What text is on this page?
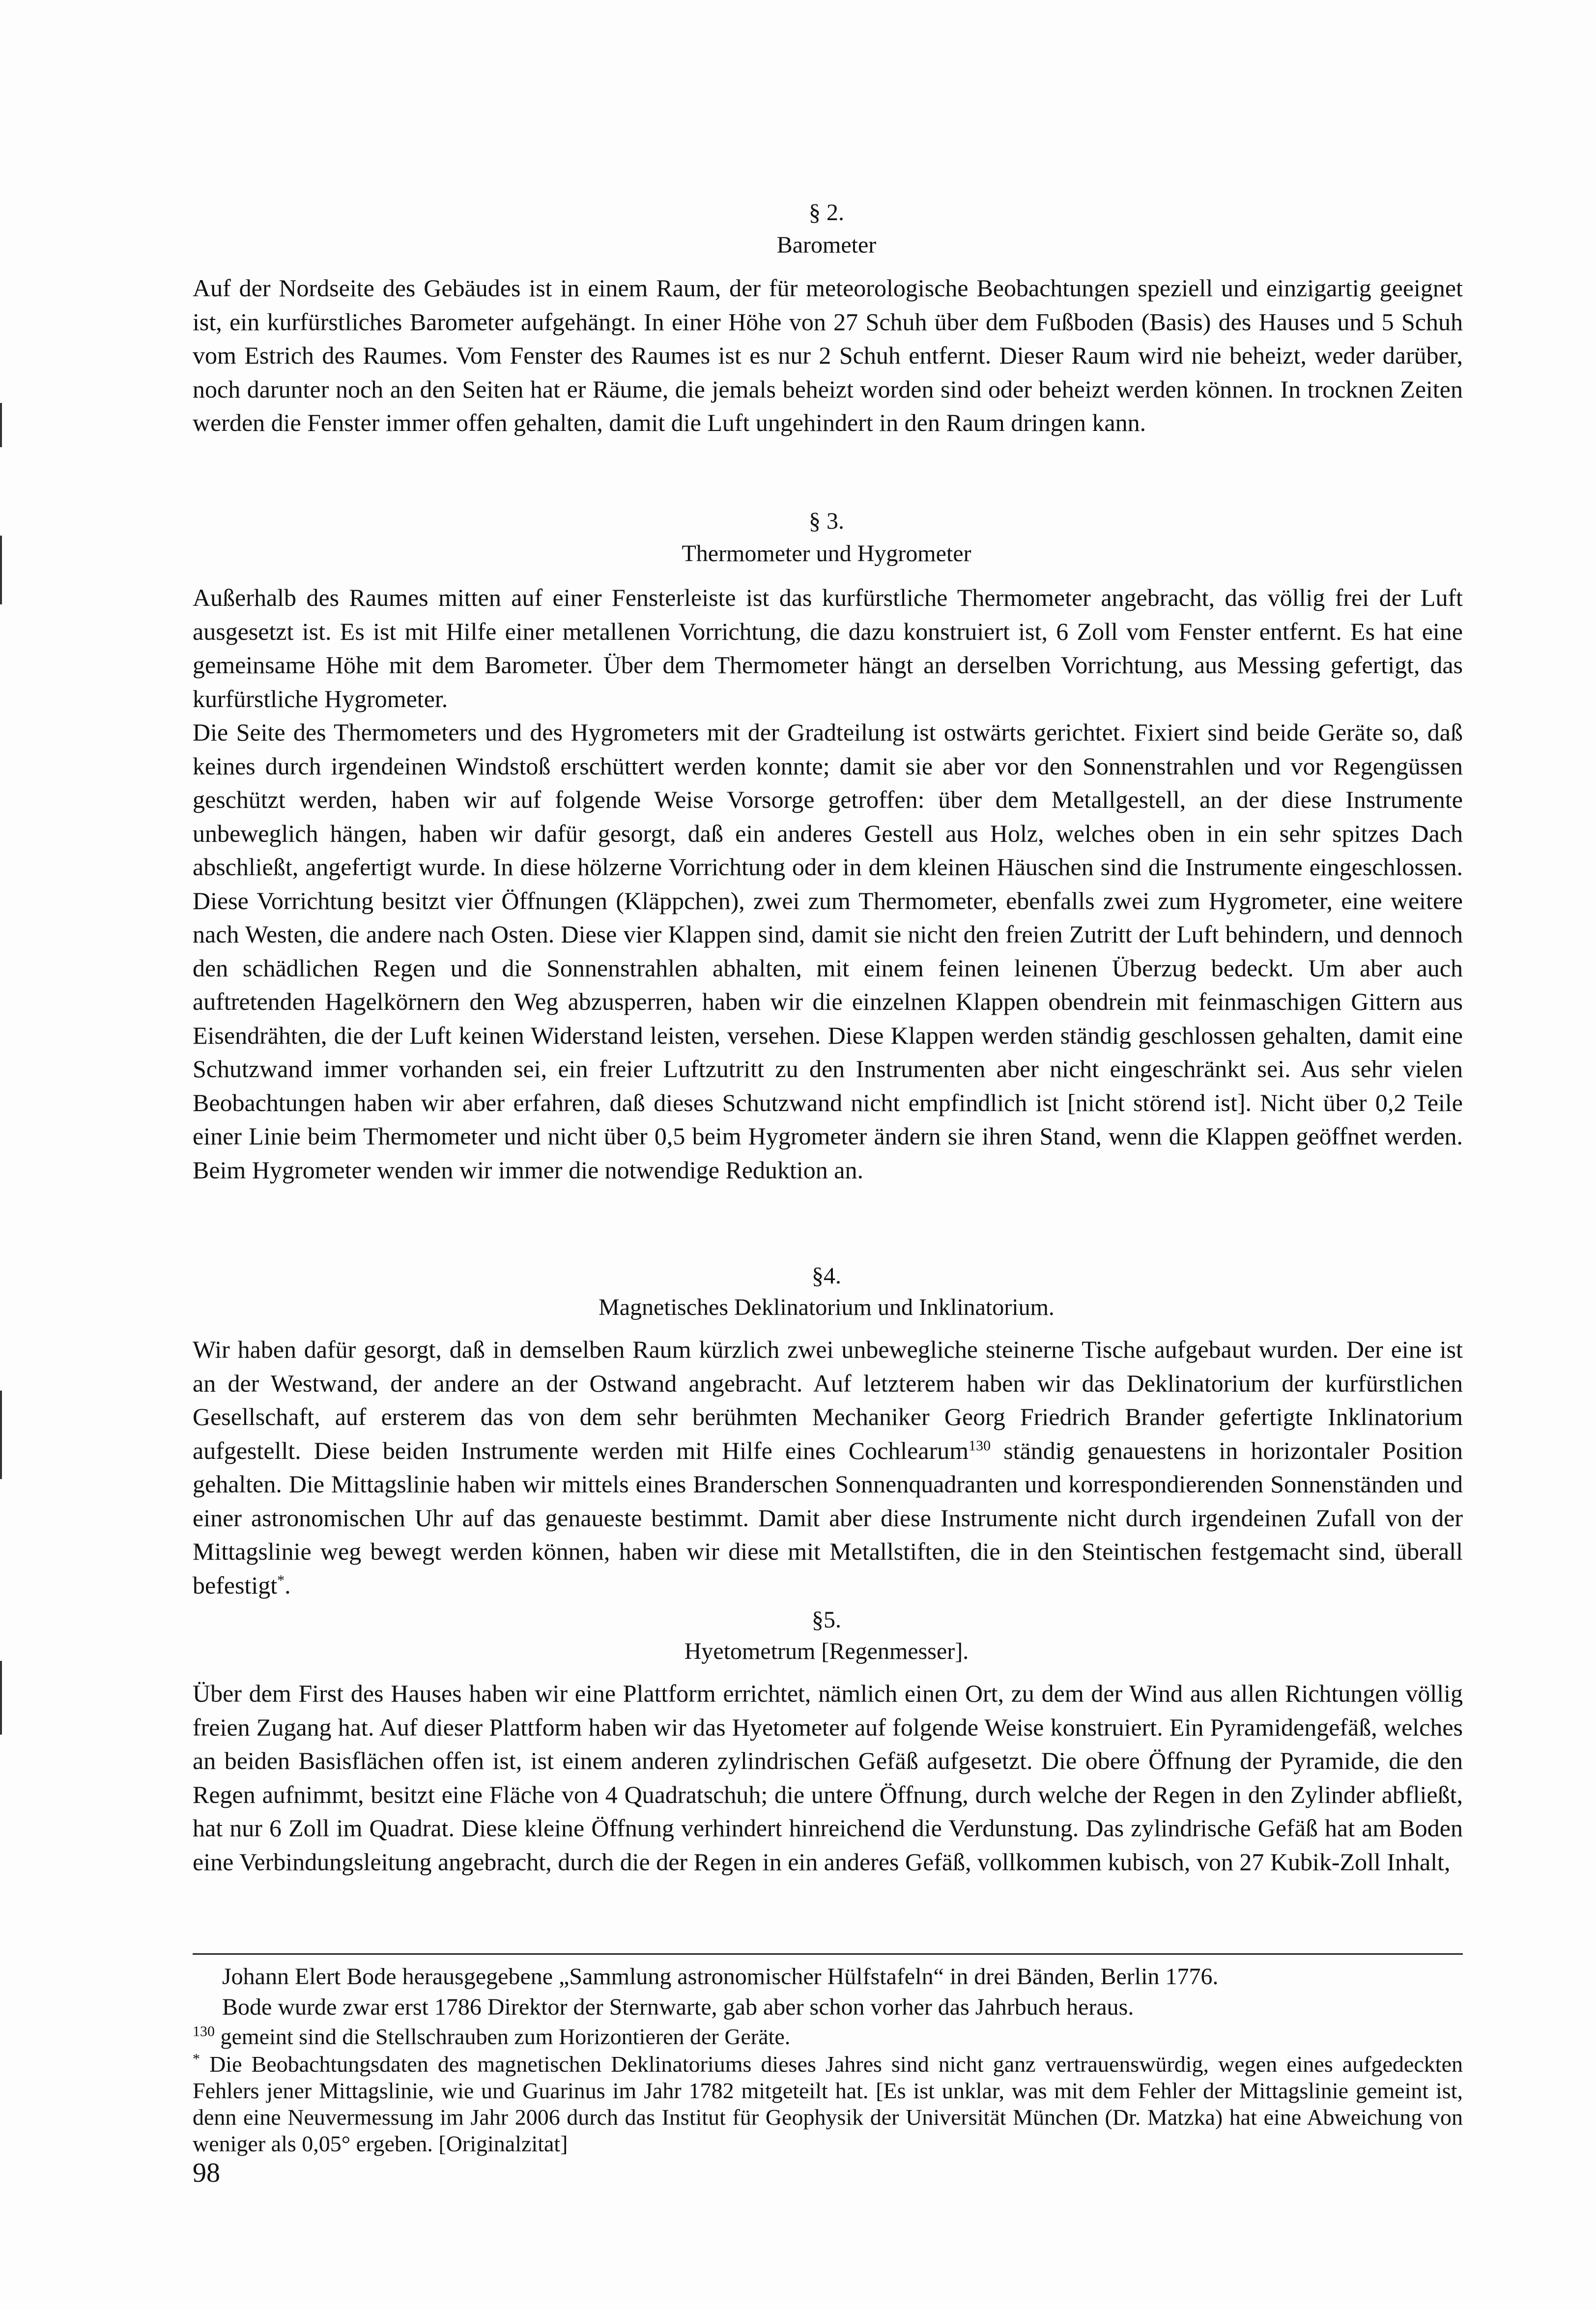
§ 2.
Barometer

Auf der Nordseite des Gebäudes ist in einem Raum, der für meteorologische Beobachtungen speziell und einzigartig geeignet ist, ein kurfürstliches Barometer aufgehängt. In einer Höhe von 27 Schuh über dem Fußboden (Basis) des Hauses und 5 Schuh vom Estrich des Raumes. Vom Fenster des Raumes ist es nur 2 Schuh entfernt. Dieser Raum wird nie beheizt, weder darüber, noch darunter noch an den Seiten hat er Räume, die jemals beheizt worden sind oder beheizt werden können. In trocknen Zeiten werden die Fenster immer offen gehalten, damit die Luft ungehindert in den Raum dringen kann.

§ 3.
Thermometer und Hygrometer

Außerhalb des Raumes mitten auf einer Fensterleiste ist das kurfürstliche Thermometer angebracht, das völlig frei der Luft ausgesetzt ist. Es ist mit Hilfe einer metallenen Vorrichtung, die dazu konstruiert ist, 6 Zoll vom Fenster entfernt. Es hat eine gemeinsame Höhe mit dem Barometer. Über dem Thermometer hängt an derselben Vorrichtung, aus Messing gefertigt, das kurfürstliche Hygrometer.

Die Seite des Thermometers und des Hygrometers mit der Gradteilung ist ostwärts gerichtet. Fixiert sind beide Geräte so, daß keines durch irgendeinen Windstoß erschüttert werden konnte; damit sie aber vor den Sonnenstrahlen und vor Regengüssen geschützt werden, haben wir auf folgende Weise Vorsorge getroffen: über dem Metallgestell, an der diese Instrumente unbeweglich hängen, haben wir dafür gesorgt, daß ein anderes Gestell aus Holz, welches oben in ein sehr spitzes Dach abschließt, angefertigt wurde. In diese hölzerne Vorrichtung oder in dem kleinen Häuschen sind die Instrumente eingeschlossen. Diese Vorrichtung besitzt vier Öffnungen (Kläppchen), zwei zum Thermometer, ebenfalls zwei zum Hygrometer, eine weitere nach Westen, die andere nach Osten. Diese vier Klappen sind, damit sie nicht den freien Zutritt der Luft behindern, und dennoch den schädlichen Regen und die Sonnenstrahlen abhalten, mit einem feinen leinenen Überzug bedeckt. Um aber auch auftretenden Hagelkörnern den Weg abzusperren, haben wir die einzelnen Klappen obendrein mit feinmaschigen Gittern aus Eisendrähten, die der Luft keinen Widerstand leisten, versehen. Diese Klappen werden ständig geschlossen gehalten, damit eine Schutzwand immer vorhanden sei, ein freier Luftzutritt zu den Instrumenten aber nicht eingeschränkt sei. Aus sehr vielen Beobachtungen haben wir aber erfahren, daß dieses Schutzwand nicht empfindlich ist [nicht störend ist]. Nicht über 0,2 Teile einer Linie beim Thermometer und nicht über 0,5 beim Hygrometer ändern sie ihren Stand, wenn die Klappen geöffnet werden. Beim Hygrometer wenden wir immer die notwendige Reduktion an.

§4.
Magnetisches Deklinatorium und Inklinatorium.

Wir haben dafür gesorgt, daß in demselben Raum kürzlich zwei unbewegliche steinerne Tische aufgebaut wurden. Der eine ist an der Westwand, der andere an der Ostwand angebracht. Auf letzterem haben wir das Deklinatorium der kurfürstlichen Gesellschaft, auf ersterem das von dem sehr berühmten Mechaniker Georg Friedrich Brander gefertigte Inklinatorium aufgestellt. Diese beiden Instrumente werden mit Hilfe eines Cochlearum$^{130}$ ständig genauestens in horizontaler Position gehalten. Die Mittagslinie haben wir mittels eines Branderschen Sonnenquadranten und korrespondierenden Sonnenständen und einer astronomischen Uhr auf das genaueste bestimmt. Damit aber diese Instrumente nicht durch irgendeinen Zufall von der Mittagslinie weg bewegt werden können, haben wir diese mit Metallstiften, die in den Steintischen festgemacht sind, überall befestigt*.

§5.
Hyetometrum [Regenmesser].

Über dem First des Hauses haben wir eine Plattform errichtet, nämlich einen Ort, zu dem der Wind aus allen Richtungen völlig freien Zugang hat. Auf dieser Plattform haben wir das Hyetometer auf folgende Weise konstruiert. Ein Pyramidengefäß, welches an beiden Basisflächen offen ist, ist einem anderen zylindrischen Gefäß aufgesetzt. Die obere Öffnung der Pyramide, die den Regen aufnimmt, besitzt eine Fläche von 4 Quadratschuh; die untere Öffnung, durch welche der Regen in den Zylinder abfließt, hat nur 6 Zoll im Quadrat. Diese kleine Öffnung verhindert hinreichend die Verdunstung. Das zylindrische Gefäß hat am Boden eine Verbindungsleitung angebracht, durch die der Regen in ein anderes Gefäß, vollkommen kubisch, von 27 Kubik-Zoll Inhalt,

Johann Elert Bode herausgegebene „Sammlung astronomischer Hülfstafeln“ in drei Bänden, Berlin 1776.

Bode wurde zwar erst 1786 Direktor der Sternwarte, gab aber schon vorher das Jahrbuch heraus.

$^{130}$ gemeint sind die Stellschrauben zum Horizontieren der Geräte.

* Die Beobachtungsdaten des magnetischen Deklinatoriums dieses Jahres sind nicht ganz vertrauenswürdig, wegen eines aufgedeckten Fehlers jener Mittagslinie, wie und Guarinus im Jahr 1782 mitgeteilt hat. [Es ist unklar, was mit dem Fehler der Mittagslinie gemeint ist, denn eine Neuvermessung im Jahr 2006 durch das Institut für Geophysik der Universität München (Dr. Matzka) hat eine Abweichung von weniger als 0,05° ergeben. [Originalzitat]

98
